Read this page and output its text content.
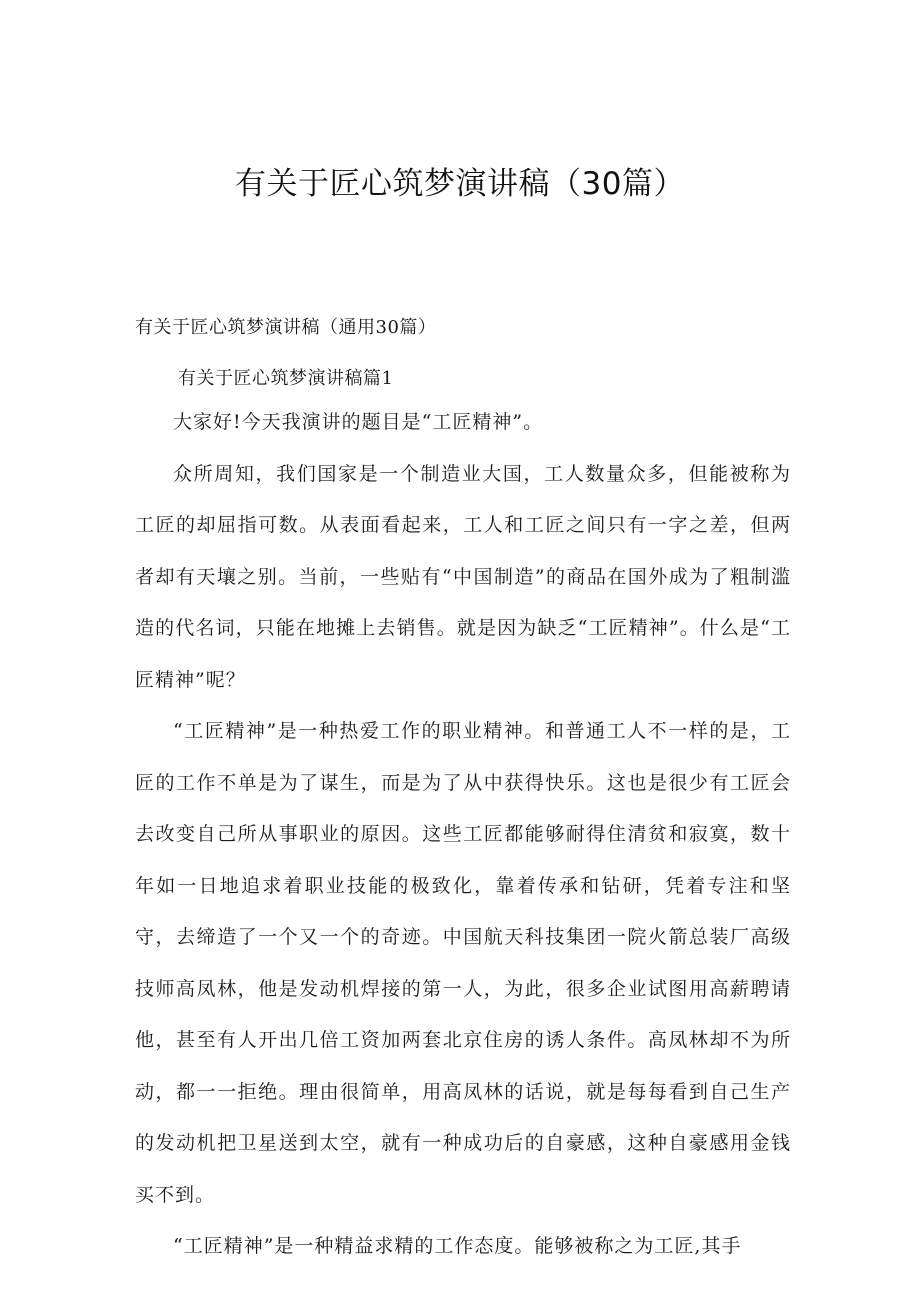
有关于匠心筑梦演讲稿（30篇）
有关于匠心筑梦演讲稿（通用30篇）
有关于匠心筑梦演讲稿篇1

大家好!今天我演讲的题目是“工匠精神”。

众所周知，我们国家是一个制造业大国，工人数量众多，但能被称为工匠的却屈指可数。从表面看起来，工人和工匠之间只有一字之差，但两者却有天壤之别。当前，一些贴有“中国制造”的商品在国外成为了粗制滥造的代名词，只能在地摊上去销售。就是因为缺乏“工匠精神”。什么是“工匠精神”呢？

“工匠精神”是一种热爱工作的职业精神。和普通工人不一样的是，工匠的工作不单是为了谋生，而是为了从中获得快乐。这也是很少有工匠会去改变自己所从事职业的原因。这些工匠都能够耐得住清贫和寂寞，数十年如一日地追求着职业技能的极致化，靠着传承和钻研，凭着专注和坚守，去缔造了一个又一个的奇迹。中国航天科技集团一院火箭总装厂高级技师高凤林，他是发动机焊接的第一人，为此，很多企业试图用高薪聘请他，甚至有人开出几倍工资加两套北京住房的诱人条件。高凤林却不为所动，都一一拒绝。理由很简单，用高凤林的话说，就是每每看到自己生产的发动机把卫星送到太空，就有一种成功后的自豪感，这种自豪感用金钱买不到。

“工匠精神”是一种精益求精的工作态度。能够被称之为工匠,其手
